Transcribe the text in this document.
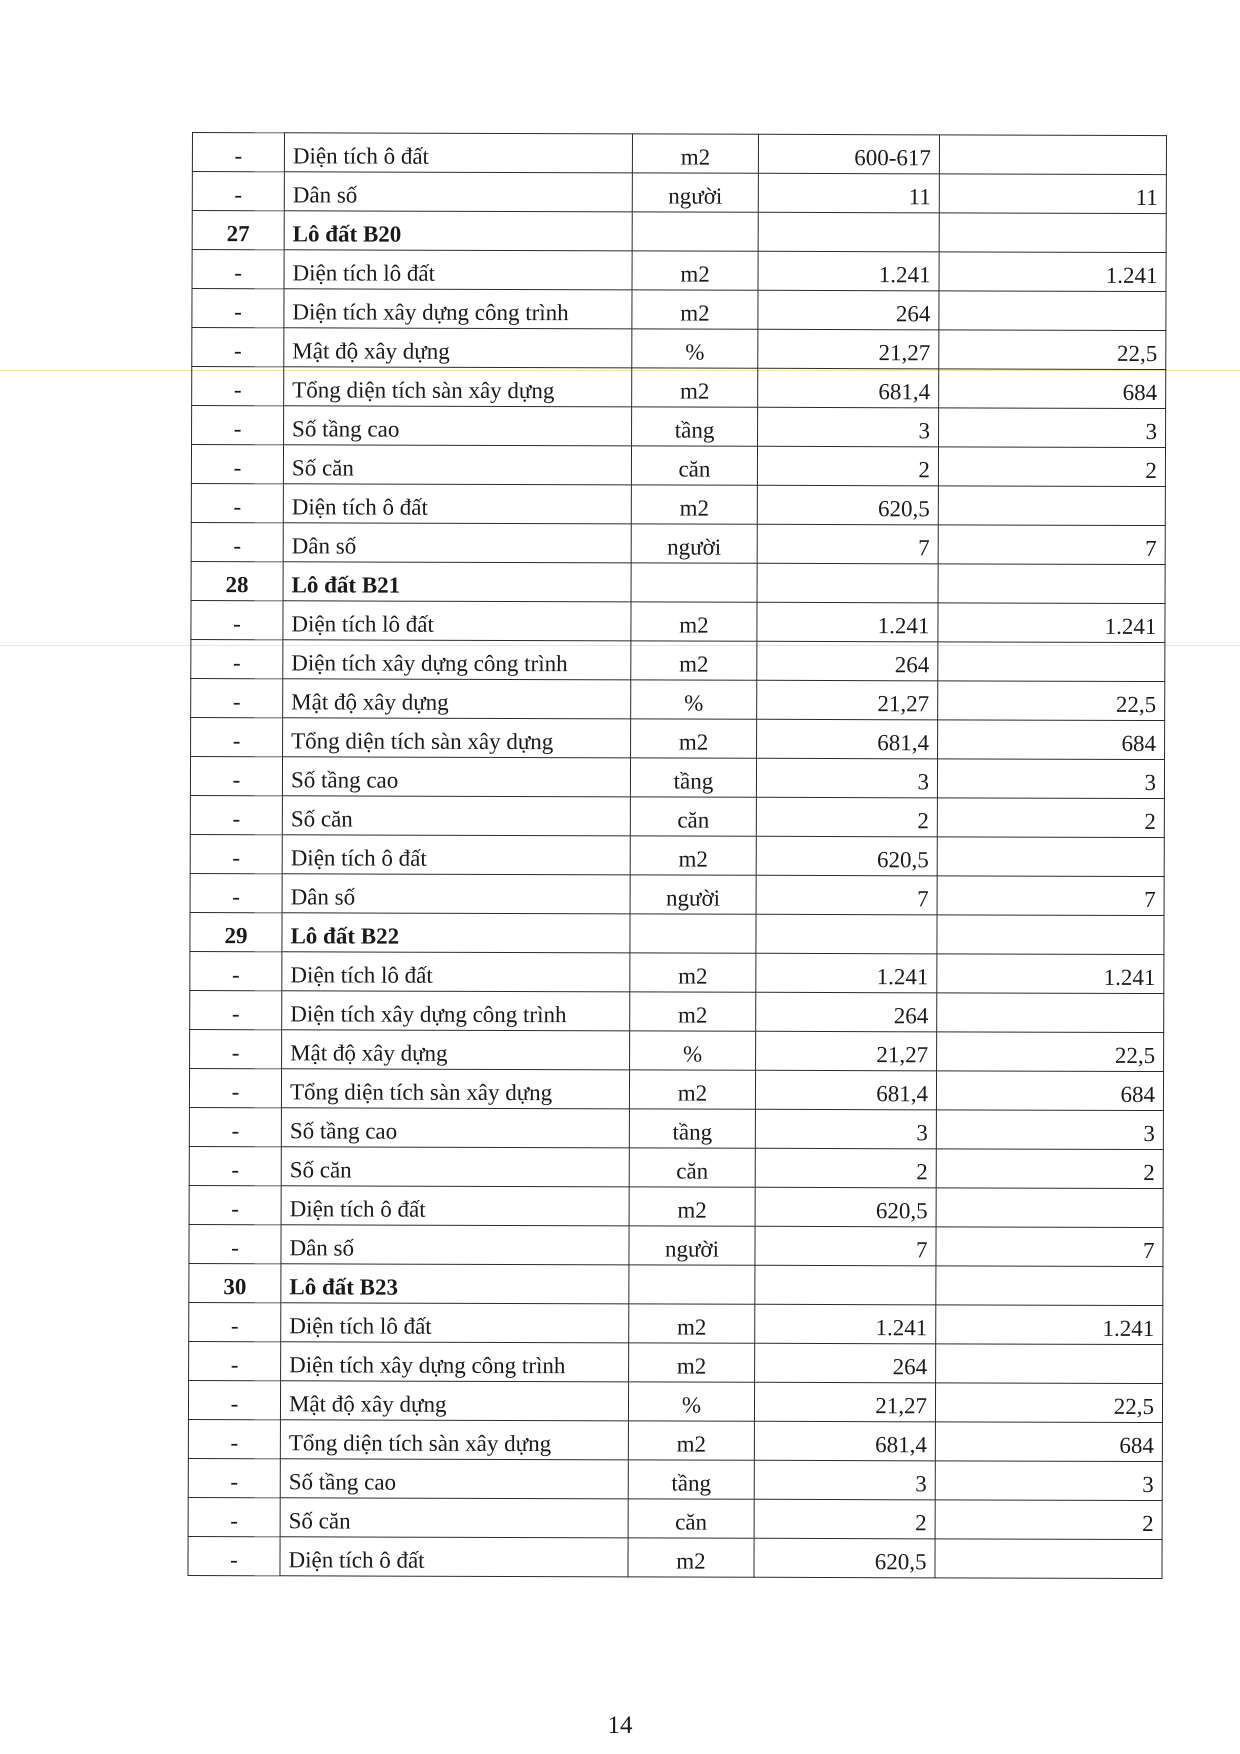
-	Diện tích ô đất	m2	600-617	
-	Dân số	người	11	11
27	Lô đất B20			
-	Diện tích lô đất	m2	1.241	1.241
-	Diện tích xây dựng công trình	m2	264	
-	Mật độ xây dựng	%	21,27	22,5
-	Tổng diện tích sàn xây dựng	m2	681,4	684
-	Số tầng cao	tầng	3	3
-	Số căn	căn	2	2
-	Diện tích ô đất	m2	620,5	
-	Dân số	người	7	7
28	Lô đất B21			
-	Diện tích lô đất	m2	1.241	1.241
-	Diện tích xây dựng công trình	m2	264	
-	Mật độ xây dựng	%	21,27	22,5
-	Tổng diện tích sàn xây dựng	m2	681,4	684
-	Số tầng cao	tầng	3	3
-	Số căn	căn	2	2
-	Diện tích ô đất	m2	620,5	
-	Dân số	người	7	7
29	Lô đất B22			
-	Diện tích lô đất	m2	1.241	1.241
-	Diện tích xây dựng công trình	m2	264	
-	Mật độ xây dựng	%	21,27	22,5
-	Tổng diện tích sàn xây dựng	m2	681,4	684
-	Số tầng cao	tầng	3	3
-	Số căn	căn	2	2
-	Diện tích ô đất	m2	620,5	
-	Dân số	người	7	7
30	Lô đất B23			
-	Diện tích lô đất	m2	1.241	1.241
-	Diện tích xây dựng công trình	m2	264	
-	Mật độ xây dựng	%	21,27	22,5
-	Tổng diện tích sàn xây dựng	m2	681,4	684
-	Số tầng cao	tầng	3	3
-	Số căn	căn	2	2
-	Diện tích ô đất	m2	620,5	
14
